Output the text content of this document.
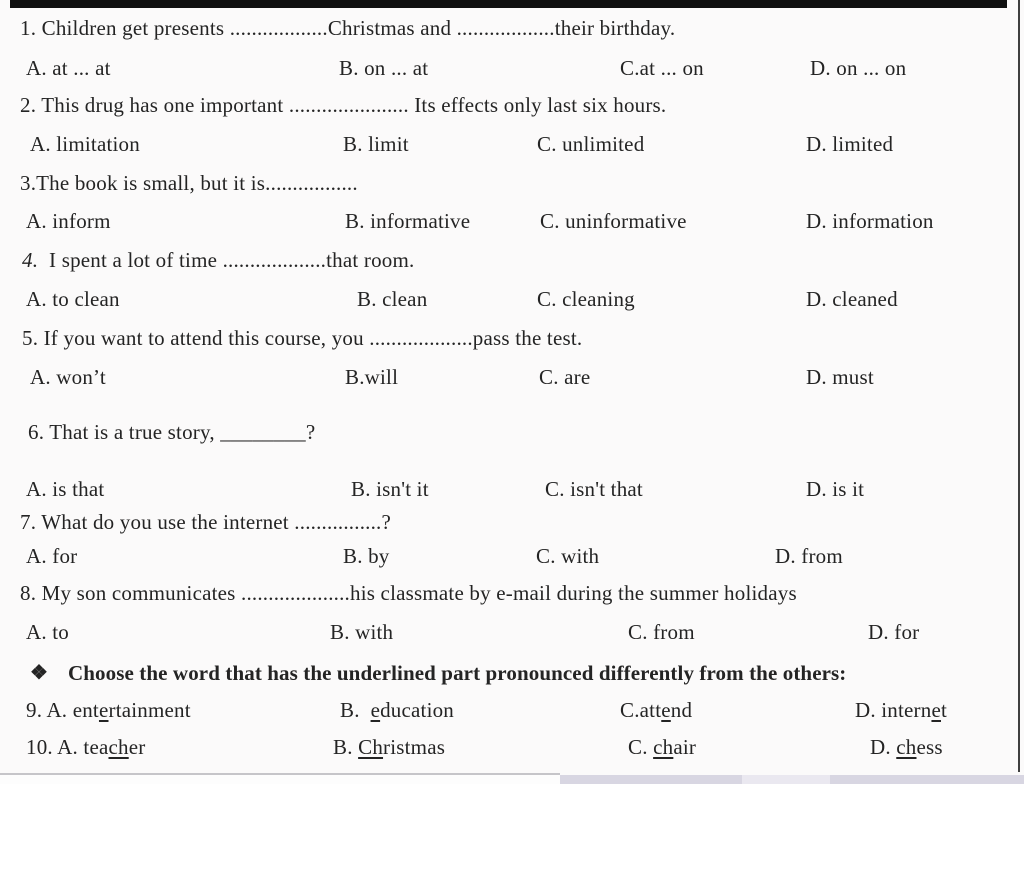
1. Children get presents ..................Christmas and ..................their birthday.

A. at ... at

	B. on ... at

	C.at ... on

	D. on ... on

2. This drug has one important ...................... Its effects only last six hours.

A. limitation

	B. limit

	C. unlimited

	D. limited

3.The book is small, but it is.................

A. inform

	B. informative

	C. uninformative

	D. information

4.  I spent a lot of time ...................that room.

A. to clean

	B. clean

	C. cleaning

	D. cleaned

5. If you want to attend this course, you ...................pass the test.

A. won’t

	B.will

	C. are

	D. must

6. That is a true story, ________?

A. is that

	B. isn't it

	C. isn't that

	D. is it

7. What do you use the internet ................?

A. for

	B. by

	C. with

	D. from

8. My son communicates ....................his classmate by e-mail during the summer holidays

A. to

	B. with

	C. from

	D. for

❖

Choose the word that has the underlined part pronounced differently from the others:

9. A. entertainment

	B.  education

	C.attend

	D. internet

10. A. teacher

	B. Christmas

	C. chair

	D. chess
